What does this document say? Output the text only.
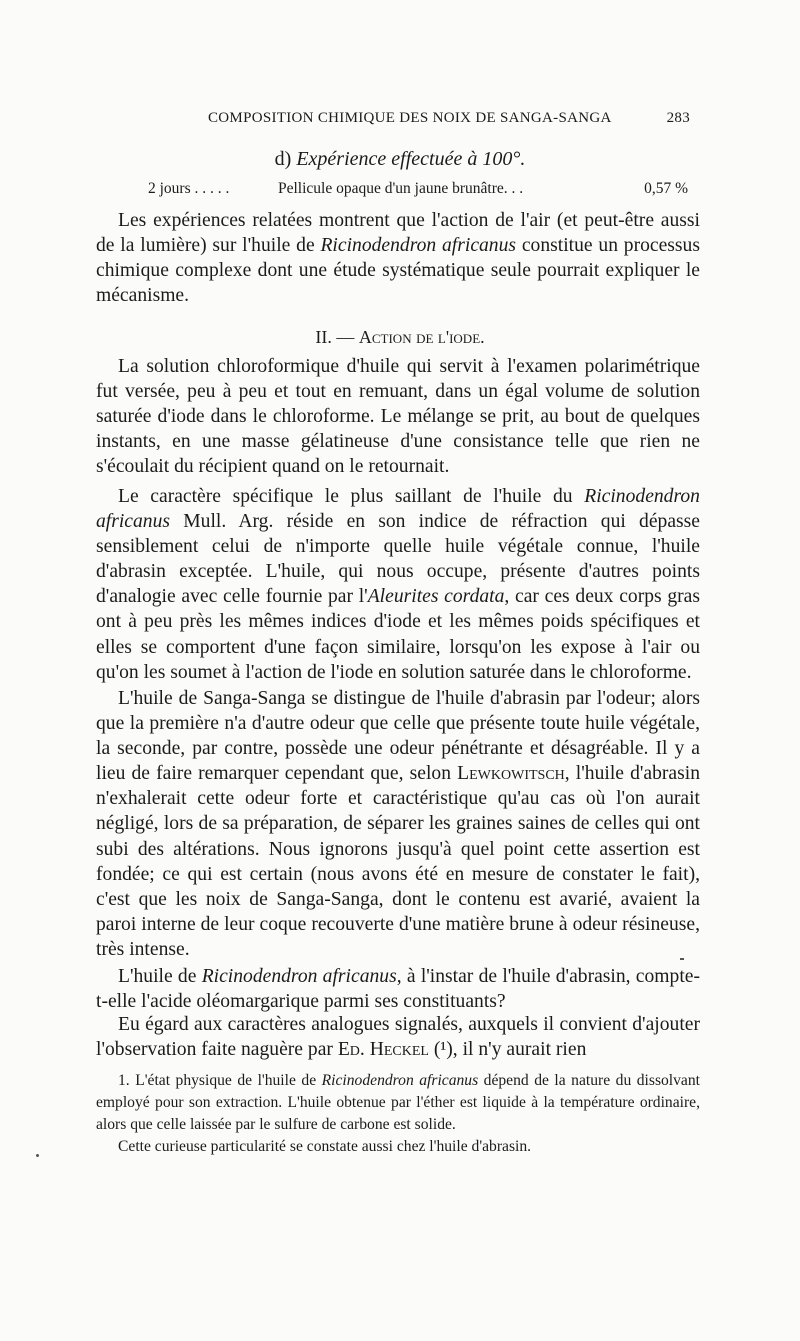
COMPOSITION CHIMIQUE DES NOIX DE SANGA-SANGA	283
d) Expérience effectuée à 100°.
2 jours . . . . .	Pellicule opaque d'un jaune brunâtre. . .	0,57 %

Les expériences relatées montrent que l'action de l'air (et peut-être aussi de la lumière) sur l'huile de Ricinodendron africanus constitue un processus chimique complexe dont une étude systématique seule pourrait expliquer le mécanisme.

II. — Action de l'iode.

La solution chloroformique d'huile qui servit à l'examen polarimétrique fut versée, peu à peu et tout en remuant, dans un égal volume de solution saturée d'iode dans le chloroforme. Le mélange se prit, au bout de quelques instants, en une masse gélatineuse d'une consistance telle que rien ne s'écoulait du récipient quand on le retournait.

Le caractère spécifique le plus saillant de l'huile du Ricinodendron africanus Mull. Arg. réside en son indice de réfraction qui dépasse sensiblement celui de n'importe quelle huile végétale connue, l'huile d'abrasin exceptée. L'huile, qui nous occupe, présente d'autres points d'analogie avec celle fournie par l'Aleurites cordata, car ces deux corps gras ont à peu près les mêmes indices d'iode et les mêmes poids spécifiques et elles se comportent d'une façon similaire, lorsqu'on les expose à l'air ou qu'on les soumet à l'action de l'iode en solution saturée dans le chloroforme.

L'huile de Sanga-Sanga se distingue de l'huile d'abrasin par l'odeur; alors que la première n'a d'autre odeur que celle que présente toute huile végétale, la seconde, par contre, possède une odeur pénétrante et désagréable. Il y a lieu de faire remarquer cependant que, selon Lewkowitsch, l'huile d'abrasin n'exhalerait cette odeur forte et caractéristique qu'au cas où l'on aurait négligé, lors de sa préparation, de séparer les graines saines de celles qui ont subi des altérations. Nous ignorons jusqu'à quel point cette assertion est fondée; ce qui est certain (nous avons été en mesure de constater le fait), c'est que les noix de Sanga-Sanga, dont le contenu est avarié, avaient la paroi interne de leur coque recouverte d'une matière brune à odeur résineuse, très intense.

L'huile de Ricinodendron africanus, à l'instar de l'huile d'abrasin, compte-t-elle l'acide oléomargarique parmi ses constituants?

Eu égard aux caractères analogues signalés, auxquels il convient d'ajouter l'observation faite naguère par Ed. Heckel (¹), il n'y aurait rien

1. L'état physique de l'huile de Ricinodendron africanus dépend de la nature du dissolvant employé pour son extraction. L'huile obtenue par l'éther est liquide à la température ordinaire, alors que celle laissée par le sulfure de carbone est solide.

Cette curieuse particularité se constate aussi chez l'huile d'abrasin.
